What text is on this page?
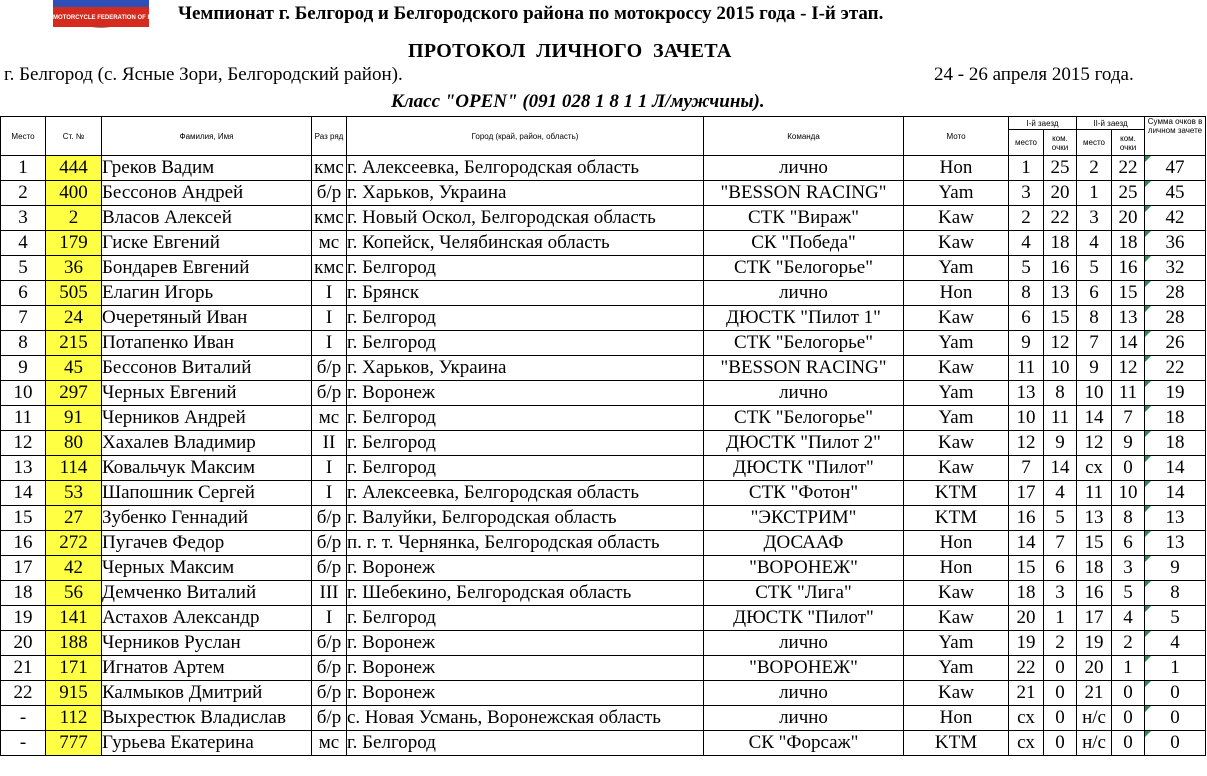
MOTORCYCLE FEDERATION OF RUSSIA Чемпионат г. Белгород и Белгородского района по мотокроссу 2015 года - I-й этап.
ПРОТОКОЛ  ЛИЧНОГО  ЗАЧЕТА
г. Белгород (с. Ясные Зори, Белгородский район).	24 - 26 апреля 2015 года.
Класс "OPEN" (091 028 1 8 1 1 Л/мужчины).
Место	Ст. №	Фамилия, Имя	Раз ряд	Город (край, район, область)	Команда	Мото	I-й заезд		II-й заезд		Сумма очков в личном зачете
							место	ком. очки	место	ком. очки	
1	444	Греков Вадим	кмс	г. Алексеевка, Белгородская область	лично	Hon	1	25	2	22	47
2	400	Бессонов Андрей	б/р	г. Харьков, Украина	"BESSON RACING"	Yam	3	20	1	25	45
3	2	Власов Алексей	кмс	г. Новый Оскол, Белгородская область	СТК "Вираж"	Kaw	2	22	3	20	42
4	179	Гиске Евгений	мс	г. Копейск, Челябинская область	СК "Победа"	Kaw	4	18	4	18	36
5	36	Бондарев Евгений	кмс	г. Белгород	СТК "Белогорье"	Yam	5	16	5	16	32
6	505	Елагин Игорь	I	г. Брянск	лично	Hon	8	13	6	15	28
7	24	Очеретяный Иван	I	г. Белгород	ДЮСТК "Пилот 1"	Kaw	6	15	8	13	28
8	215	Потапенко Иван	I	г. Белгород	СТК "Белогорье"	Yam	9	12	7	14	26
9	45	Бессонов Виталий	б/р	г. Харьков, Украина	"BESSON RACING"	Kaw	11	10	9	12	22
10	297	Черных Евгений	б/р	г. Воронеж	лично	Yam	13	8	10	11	19
11	91	Черников Андрей	мс	г. Белгород	СТК "Белогорье"	Yam	10	11	14	7	18
12	80	Хахалев Владимир	II	г. Белгород	ДЮСТК "Пилот 2"	Kaw	12	9	12	9	18
13	114	Ковальчук Максим	I	г. Белгород	ДЮСТК "Пилот"	Kaw	7	14	сх	0	14
14	53	Шапошник Сергей	I	г. Алексеевка, Белгородская область	СТК "Фотон"	KTM	17	4	11	10	14
15	27	Зубенко Геннадий	б/р	г. Валуйки, Белгородская область	"ЭКСТРИМ"	KTM	16	5	13	8	13
16	272	Пугачев Федор	б/р	п. г. т. Чернянка, Белгородская область	ДОСААФ	Hon	14	7	15	6	13
17	42	Черных Максим	б/р	г. Воронеж	"ВОРОНЕЖ"	Hon	15	6	18	3	9
18	56	Демченко Виталий	III	г. Шебекино, Белгородская область	СТК "Лига"	Kaw	18	3	16	5	8
19	141	Астахов Александр	I	г. Белгород	ДЮСТК "Пилот"	Kaw	20	1	17	4	5
20	188	Черников Руслан	б/р	г. Воронеж	лично	Yam	19	2	19	2	4
21	171	Игнатов Артем	б/р	г. Воронеж	"ВОРОНЕЖ"	Yam	22	0	20	1	1
22	915	Калмыков Дмитрий	б/р	г. Воронеж	лично	Kaw	21	0	21	0	0
-	112	Выхрестюк Владислав	б/р	с. Новая Усмань, Воронежская область	лично	Hon	сх	0	н/с	0	0
-	777	Гурьева Екатерина	мс	г. Белгород	СК "Форсаж"	KTM	сх	0	н/с	0	0
